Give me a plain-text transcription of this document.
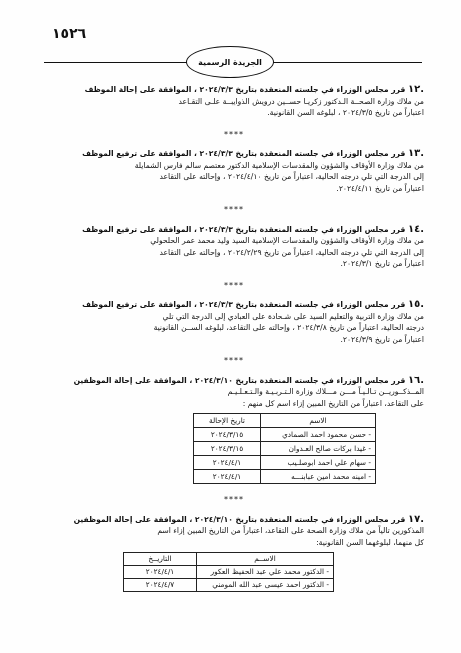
١٥٢٦
الجريدة الرسمية
.١٢ قرر مجلس الوزراء في جلسته المنعقدة بتاريخ ٢٠٢٤/٣/٣ ، الموافقة على إحالة الموظف
من ملاك وزارة الصحــة الـدكتور زكريـا حســين درويش الذوايبــة علـى التقـاعد
اعتباراً من تاريخ ٢٠٢٤/٣/٥ ، لبلوغه السن القانونية.
****
.١٣ قرر مجلس الوزراء في جلسته المنعقدة بتاريخ ٢٠٢٤/٣/٣ ، الموافقة على ترفيع الموظف
من ملاك وزارة الأوقاف والشؤون والمقدسات الإسلامية الدكتور معتصم سالم فارس الشمايلة
إلى الدرجة التي تلي درجته الحالية، اعتباراً من تاريخ ٢٠٢٤/٤/١٠ ، وإحالته على التقاعد
اعتباراً من تاريخ ٢٠٢٤/٤/١١.
****
.١٤ قرر مجلس الوزراء في جلسته المنعقدة بتاريخ ٢٠٢٤/٣/٣ ، الموافقة على ترفيع الموظف
من ملاك وزارة الأوقاف والشؤون والمقدسات الإسلامية السيد وليد محمد عمر الحلحولي
إلى الدرجة التي تلي درجته الحالية، اعتباراً من تاريخ ٢٠٢٤/٢/٢٩ ، وإحالته على التقاعد
اعتباراً من تاريخ ٢٠٢٤/٣/١.
****
.١٥ قرر مجلس الوزراء في جلسته المنعقدة بتاريخ ٢٠٢٤/٣/٣ ، الموافقة على ترفيع الموظف
من ملاك وزارة التربية والتعليم السيد على شـحادة على العبادي إلى الدرجة التي تلي
درجته الحالية، اعتباراً من تاريخ ٢٠٢٤/٣/٨ ، وإحالته على التقاعد، لبلوغه الســن القانونية
اعتباراً من تاريخ ٢٠٢٤/٣/٩.
****
.١٦ قرر مجلس الوزراء في جلسته المنعقدة بتاريخ ٢٠٢٤/٣/١٠ ، الموافقة على إحالة الموظفين
المــذكــوريــن تـالـيـاً مـــن مـــلاك وزارة الـتـربـيـة والـتـعـلـيـم
على التقاعد، اعتباراً من التاريخ المبين إزاء اسم كل منهم :
الاسم	تاريخ الإحالة
- حسن محمود احمد الصمادي	٢٠٢٤/٣/١٥
- غيدا بركات صالح العـدوان	٢٠٢٤/٣/١٥
- سهام علي احمد ابوصلـيب	٢٠٢٤/٤/١
- امينه محمد امين عبابنـــه	٢٠٢٤/٤/١
****
.١٧ قرر مجلس الوزراء في جلسته المنعقدة بتاريخ ٢٠٢٤/٣/١٠ ، الموافقة على إحالة الموظفين
المذكورين تالياً من ملاك وزارة الصحة على التقاعد، اعتباراً من التاريخ المبين إزاء اسم
كل منهما، لبلوغهما السن القانونية:
الاســم	التاريــخ
- الدكتور محمد علي عبد الحفيظ العكور	٢٠٢٤/٤/١
- الدكتور احمد عيسى عبد الله المومني	٢٠٢٤/٤/٧
